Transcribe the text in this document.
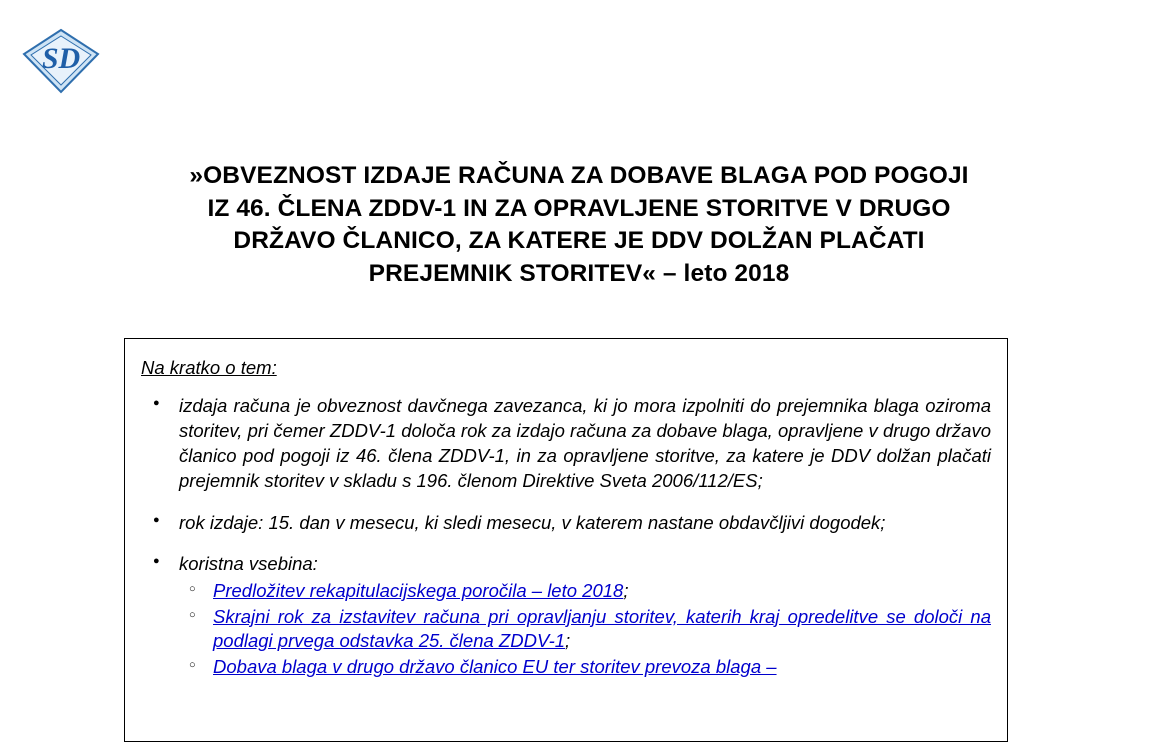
SD
»OBVEZNOST IZDAJE RAČUNA ZA DOBAVE BLAGA POD POGOJI
IZ 46. ČLENA ZDDV-1 IN ZA OPRAVLJENE STORITVE V DRUGO
DRŽAVO ČLANICO, ZA KATERE JE DDV DOLŽAN PLAČATI
PREJEMNIK STORITEV« – leto 2018
Na kratko o tem:
● izdaja računa je obveznost davčnega zavezanca, ki jo mora izpolniti do prejemnika blaga oziroma storitev, pri čemer ZDDV-1 določa rok za izdajo računa za dobave blaga, opravljene v drugo državo članico pod pogoji iz 46. člena ZDDV-1, in za opravljene storitve, za katere je DDV dolžan plačati prejemnik storitev v skladu s 196. členom Direktive Sveta 2006/112/ES;
● rok izdaje: 15. dan v mesecu, ki sledi mesecu, v katerem nastane obdavčljivi dogodek;
● koristna vsebina:
○ Predložitev rekapitulacijskega poročila – leto 2018;
○ Skrajni rok za izstavitev računa pri opravljanju storitev, katerih kraj opredelitve se določi na podlagi prvega odstavka 25. člena ZDDV-1;
○ Dobava blaga v drugo državo članico EU ter storitev prevoza blaga –
